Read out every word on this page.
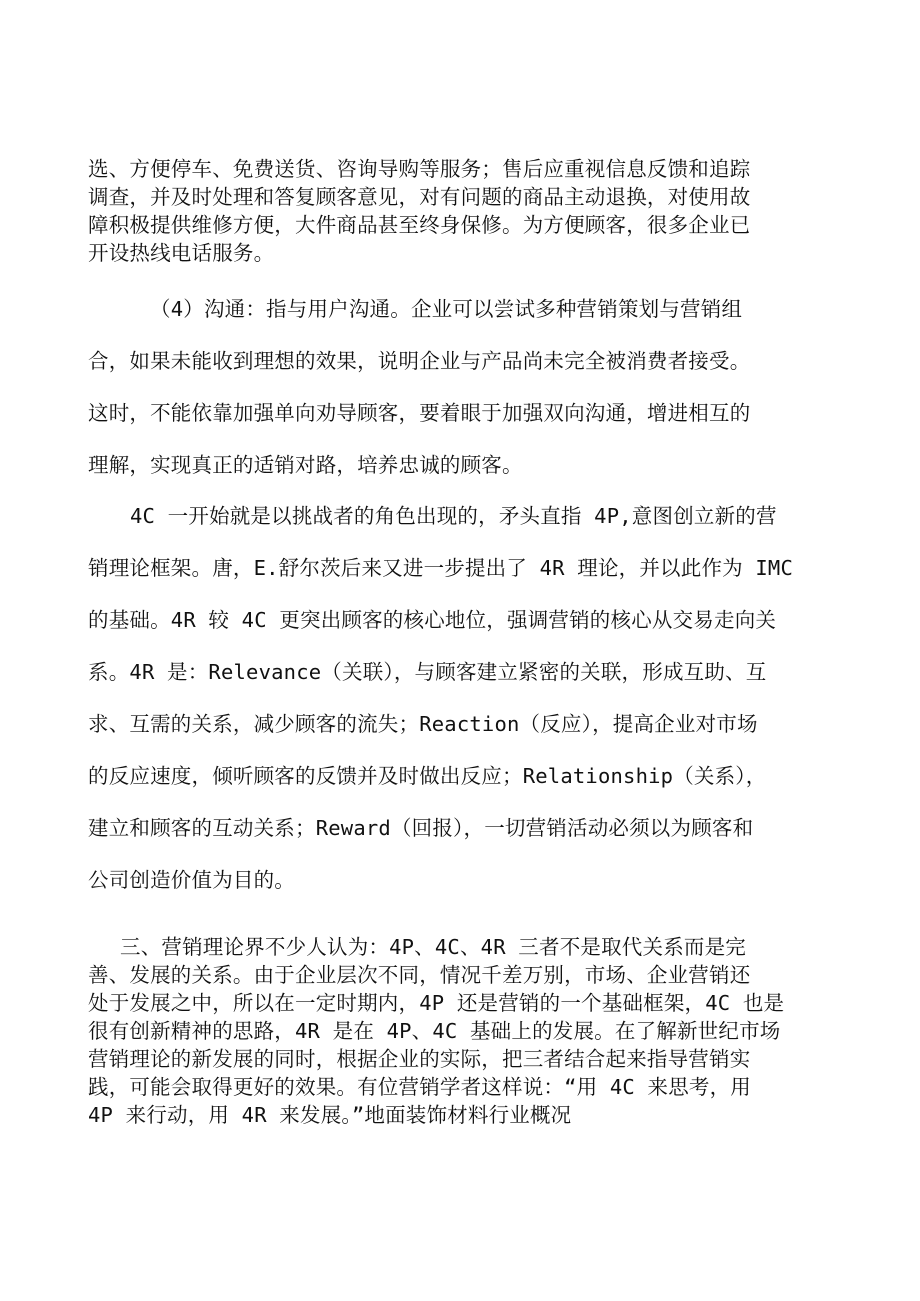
选、方便停车、免费送货、咨询导购等服务；售后应重视信息反馈和追踪
调查，并及时处理和答复顾客意见，对有问题的商品主动退换，对使用故
障积极提供维修方便，大件商品甚至终身保修。为方便顾客，很多企业已
开设热线电话服务。
（4）沟通：指与用户沟通。企业可以尝试多种营销策划与营销组
合，如果未能收到理想的效果，说明企业与产品尚未完全被消费者接受。
这时，不能依靠加强单向劝导顾客，要着眼于加强双向沟通，增进相互的
理解，实现真正的适销对路，培养忠诚的顾客。
4C 一开始就是以挑战者的角色出现的，矛头直指 4P,意图创立新的营
销理论框架。唐，E.舒尔茨后来又进一步提出了 4R 理论，并以此作为 IMC
的基础。4R 较 4C 更突出顾客的核心地位，强调营销的核心从交易走向关
系。4R 是：Relevance（关联），与顾客建立紧密的关联，形成互助、互
求、互需的关系，减少顾客的流失；Reaction（反应），提高企业对市场
的反应速度，倾听顾客的反馈并及时做出反应；Relationship（关系），
建立和顾客的互动关系；Reward（回报），一切营销活动必须以为顾客和
公司创造价值为目的。
三、营销理论界不少人认为：4P、4C、4R 三者不是取代关系而是完
善、发展的关系。由于企业层次不同，情况千差万别，市场、企业营销还
处于发展之中，所以在一定时期内，4P 还是营销的一个基础框架，4C 也是
很有创新精神的思路，4R 是在 4P、4C 基础上的发展。在了解新世纪市场
营销理论的新发展的同时，根据企业的实际，把三者结合起来指导营销实
践，可能会取得更好的效果。有位营销学者这样说：“用 4C 来思考，用
4P 来行动，用 4R 来发展。”地面装饰材料行业概况
